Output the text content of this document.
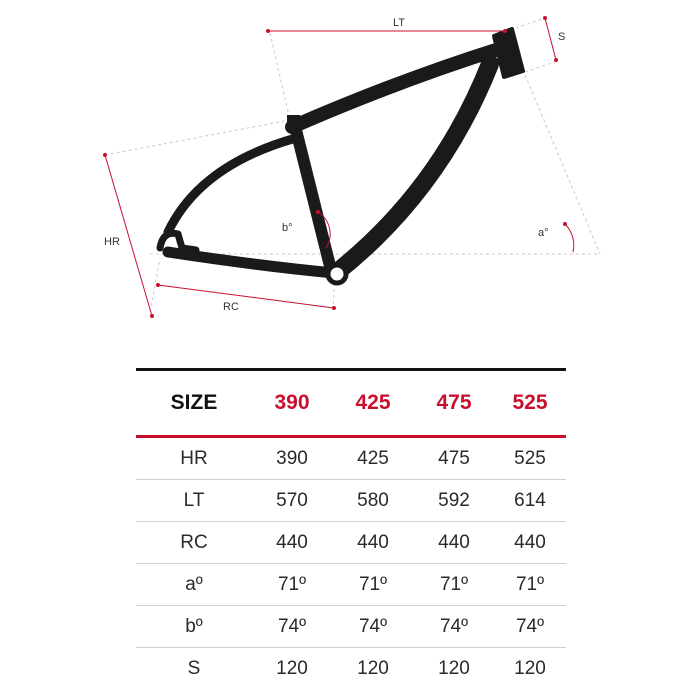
LT
S
HR
RC
b°	a°
SIZE	390	425	475	525
HR	390	425	475	525
LT	570	580	592	614
RC	440	440	440	440
aº	71º	71º	71º	71º
bº	74º	74º	74º	74º
S	120	120	120	120
